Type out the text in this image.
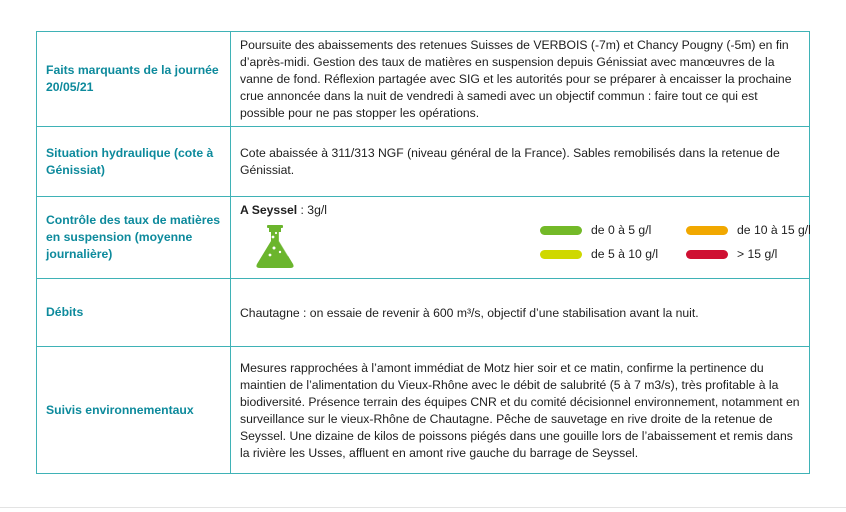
Faits marquants de la journée 20/05/21	Poursuite des abaissements des retenues Suisses de VERBOIS (-7m) et Chancy Pougny (-5m) en fin d’après-midi. Gestion des taux de matières en suspension depuis Génissiat avec manœuvres de la vanne de fond. Réflexion partagée avec SIG et les autorités pour se préparer à encaisser la prochaine crue annoncée dans la nuit de vendredi à samedi avec un objectif commun : faire tout ce qui est possible pour ne pas stopper les opérations.
Situation hydraulique (cote à Génissiat)	Cote abaissée à 311/313 NGF (niveau général de la France). Sables remobilisés dans la retenue de Génissiat.
Contrôle des taux de matières en suspension (moyenne journalière)	A Seyssel : 3g/l
de 0 à 5 g/l de 10 à 15 g/l
de 5 à 10 g/l > 15 g/l

Débits	Chautagne : on essaie de revenir à 600 m³/s, objectif d’une stabilisation avant la nuit.
Suivis environnementaux	Mesures rapprochées à l’amont immédiat de Motz hier soir et ce matin, confirme la pertinence du maintien de l’alimentation du Vieux-Rhône avec le débit de salubrité (5 à 7 m3/s), très profitable à la biodiversité. Présence terrain des équipes CNR et du comité décisionnel environnement, notamment en surveillance sur le vieux-Rhône de Chautagne. Pêche de sauvetage en rive droite de la retenue de Seyssel. Une dizaine de kilos de poissons piégés dans une gouille lors de l’abaissement et remis dans la rivière les Usses, affluent en amont rive gauche du barrage de Seyssel.
